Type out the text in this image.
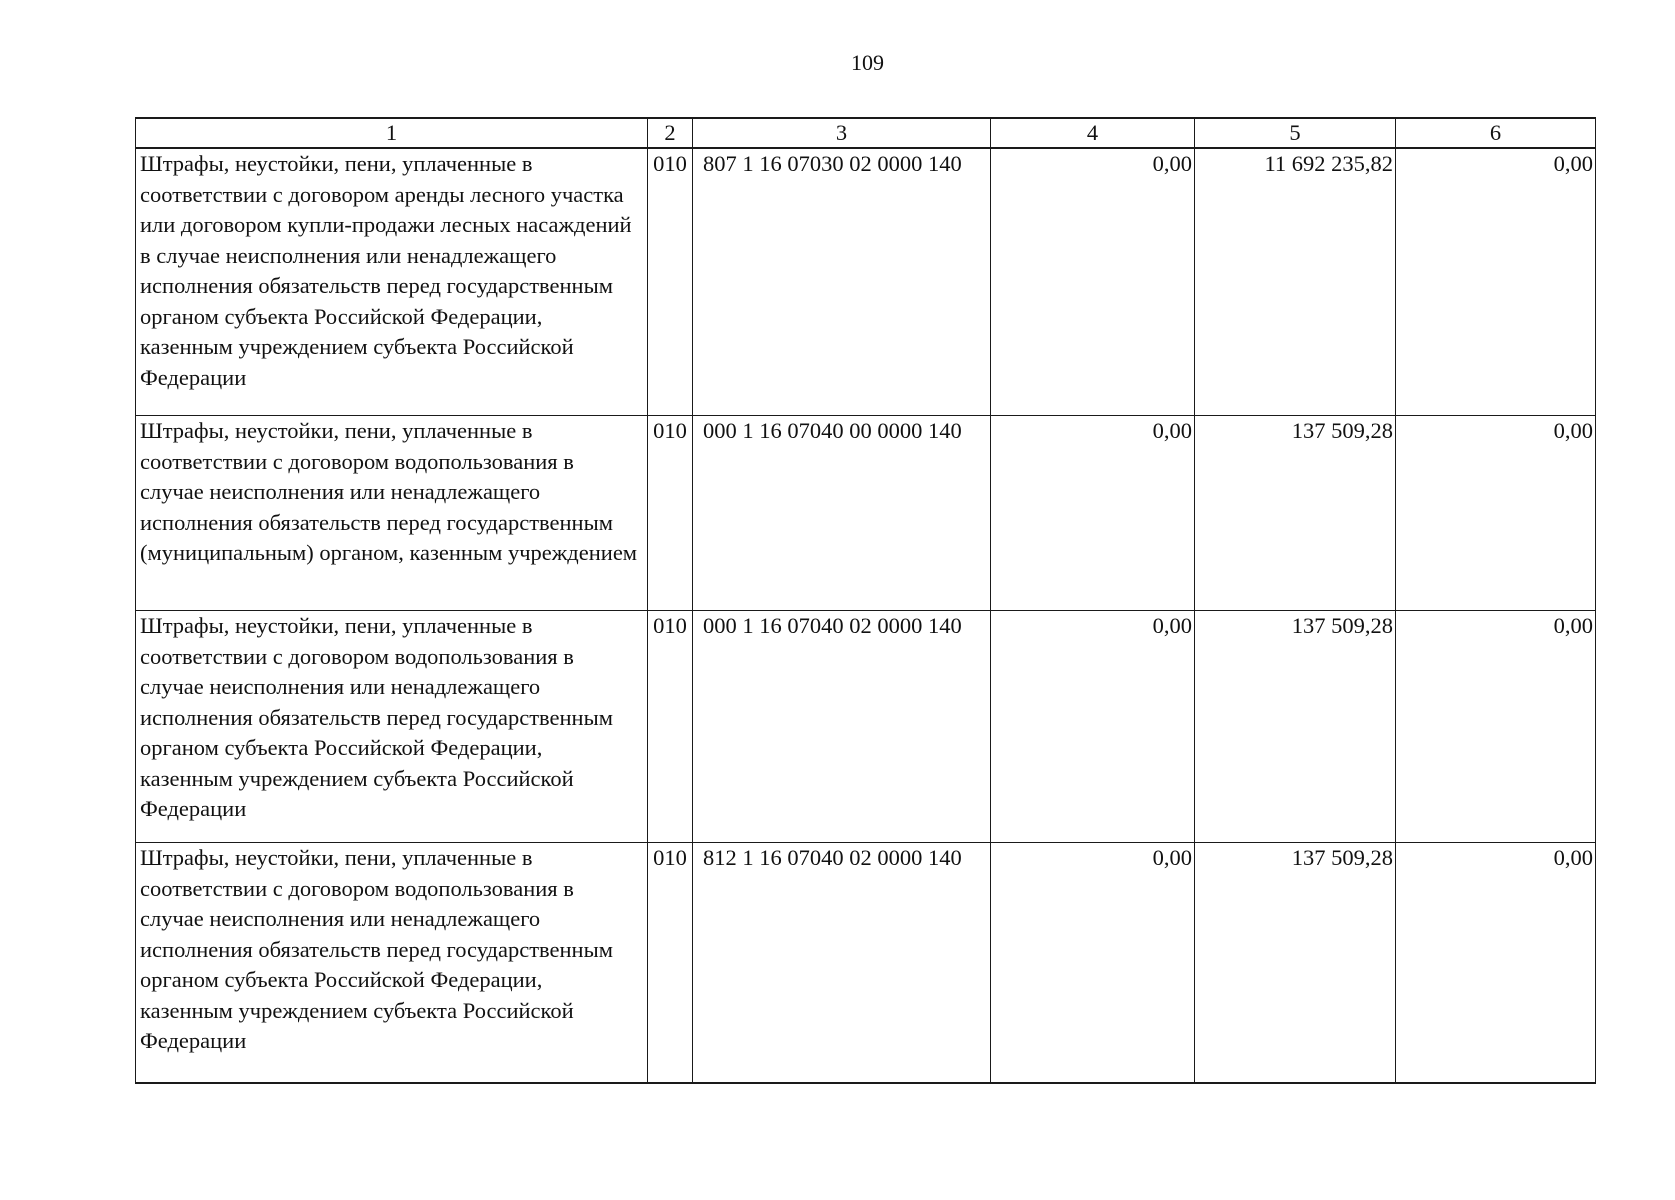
109
1	2	3	4	5	6
Штрафы, неустойки, пени, уплаченные в соответствии с договором аренды лесного участка или договором купли-продажи лесных насаждений в случае неисполнения или ненадлежащего исполнения обязательств перед государственным органом субъекта Российской Федерации, казенным учреждением субъекта Российской Федерации	010	807 1 16 07030 02 0000 140	0,00	11 692 235,82	0,00
Штрафы, неустойки, пени, уплаченные в соответствии с договором водопользования в случае неисполнения или ненадлежащего исполнения обязательств перед государственным (муниципальным) органом, казенным учреждением	010	000 1 16 07040 00 0000 140	0,00	137 509,28	0,00
Штрафы, неустойки, пени, уплаченные в соответствии с договором водопользования в случае неисполнения или ненадлежащего исполнения обязательств перед государственным органом субъекта Российской Федерации, казенным учреждением субъекта Российской Федерации	010	000 1 16 07040 02 0000 140	0,00	137 509,28	0,00
Штрафы, неустойки, пени, уплаченные в соответствии с договором водопользования в случае неисполнения или ненадлежащего исполнения обязательств перед государственным органом субъекта Российской Федерации, казенным учреждением субъекта Российской Федерации	010	812 1 16 07040 02 0000 140	0,00	137 509,28	0,00
